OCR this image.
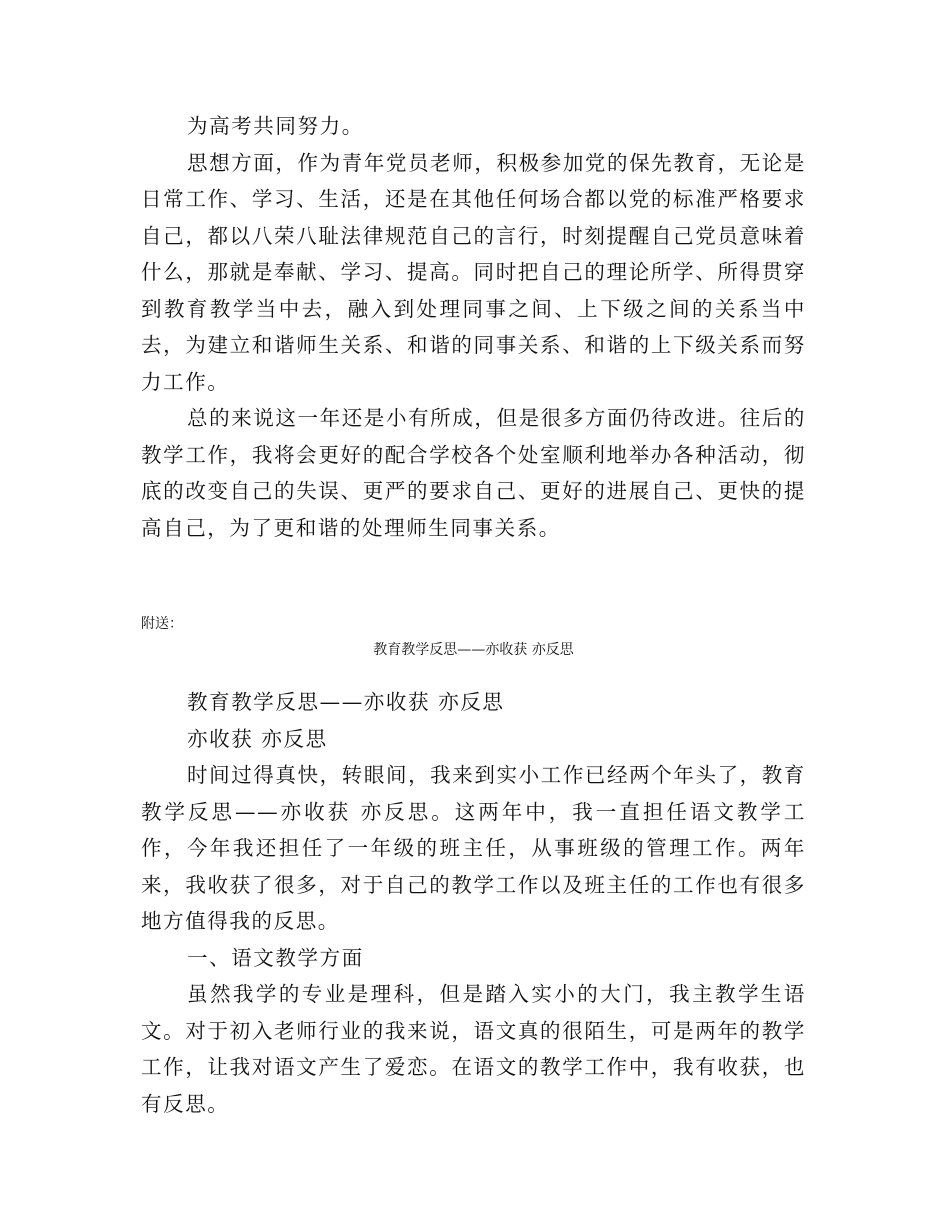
为高考共同努力。

思想方面，作为青年党员老师，积极参加党的保先教育，无论是日常工作、学习、生活，还是在其他任何场合都以党的标准严格要求自己，都以八荣八耻法律规范自己的言行，时刻提醒自己党员意味着什么，那就是奉献、学习、提高。同时把自己的理论所学、所得贯穿到教育教学当中去，融入到处理同事之间、上下级之间的关系当中去，为建立和谐师生关系、和谐的同事关系、和谐的上下级关系而努力工作。

总的来说这一年还是小有所成，但是很多方面仍待改进。往后的教学工作，我将会更好的配合学校各个处室顺利地举办各种活动，彻底的改变自己的失误、更严的要求自己、更好的进展自己、更快的提高自己，为了更和谐的处理师生同事关系。

附送：
教育教学反思——亦收获 亦反思

教育教学反思——亦收获 亦反思

亦收获 亦反思

时间过得真快，转眼间，我来到实小工作已经两个年头了，教育教学反思——亦收获 亦反思。这两年中，我一直担任语文教学工作，今年我还担任了一年级的班主任，从事班级的管理工作。两年来，我收获了很多，对于自己的教学工作以及班主任的工作也有很多地方值得我的反思。

一、语文教学方面

虽然我学的专业是理科，但是踏入实小的大门，我主教学生语文。对于初入老师行业的我来说，语文真的很陌生，可是两年的教学工作，让我对语文产生了爱恋。在语文的教学工作中，我有收获，也有反思。
